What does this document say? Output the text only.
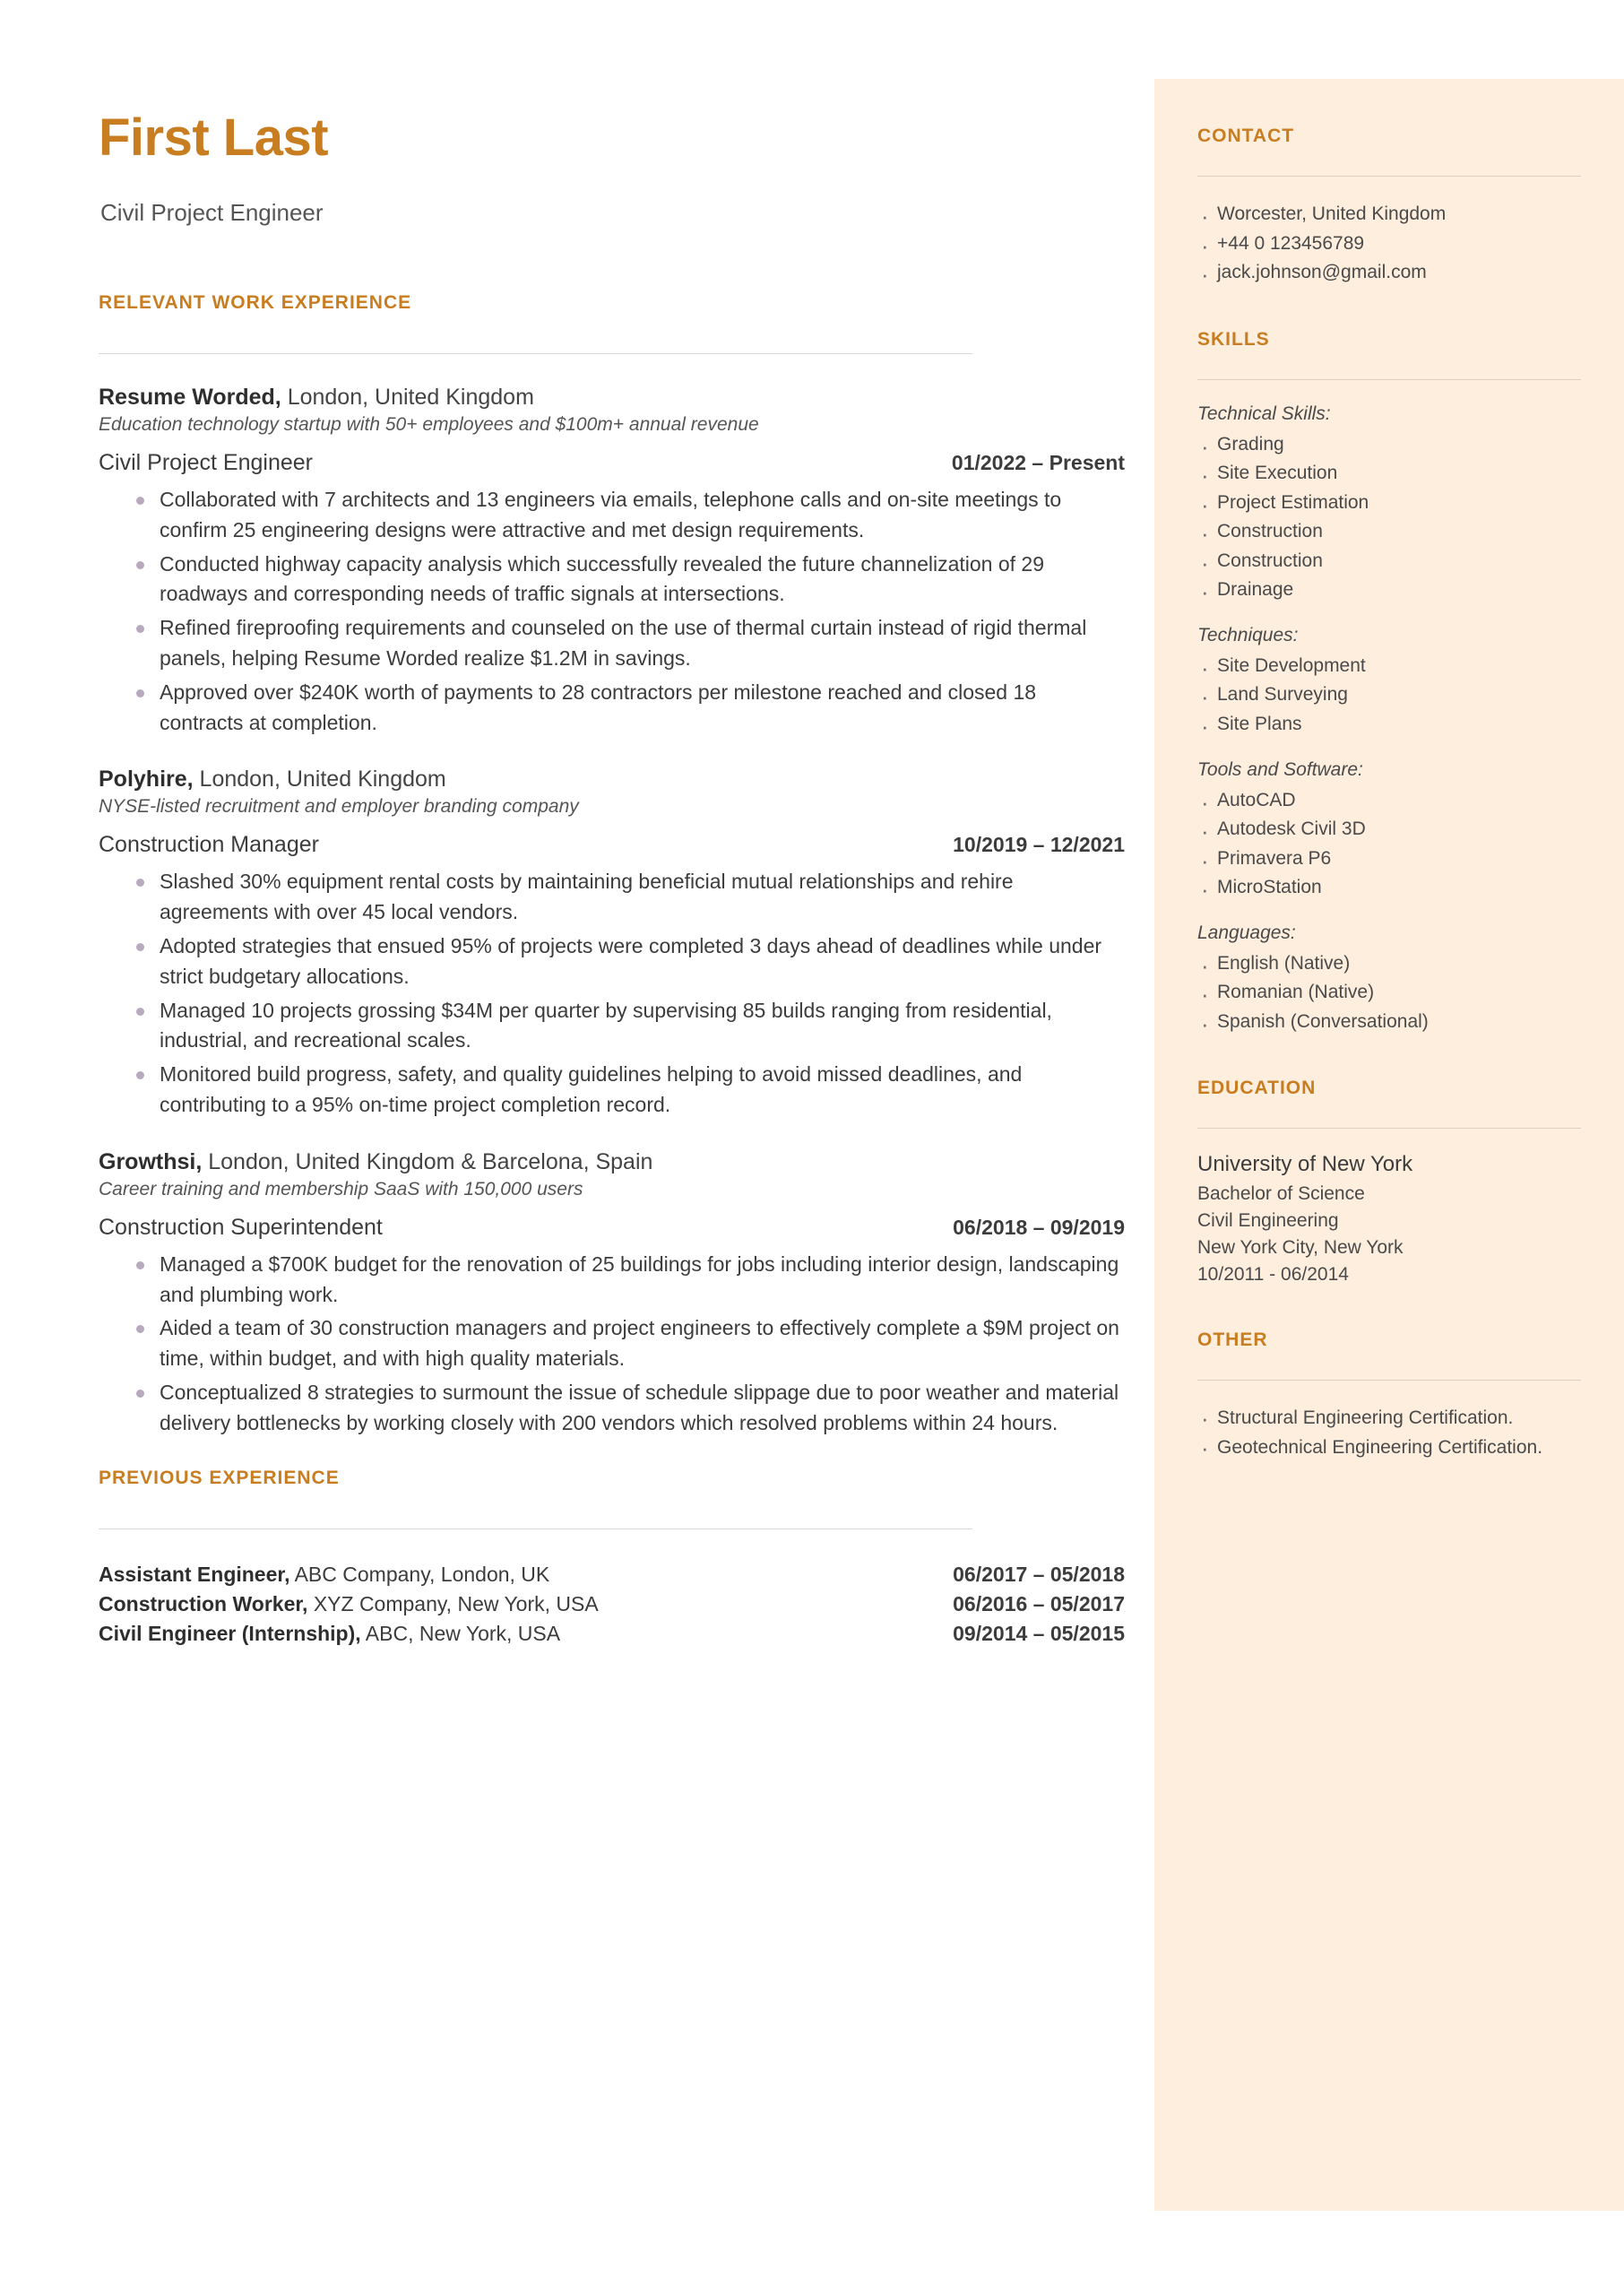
CONTACT
· Worcester, United Kingdom
· +44 0 123456789
· jack.johnson@gmail.com
SKILLS
Technical Skills:
· Grading
· Site Execution
· Project Estimation
· Construction
· Construction
· Drainage
Techniques:
· Site Development
· Land Surveying
· Site Plans
Tools and Software:
· AutoCAD
· Autodesk Civil 3D
· Primavera P6
· MicroStation
Languages:
· English (Native)
· Romanian (Native)
· Spanish (Conversational)
EDUCATION
University of New York
Bachelor of Science
Civil Engineering
New York City, New York
10/2011 - 06/2014
OTHER
· Structural Engineering Certification.
· Geotechnical Engineering Certification.
First Last
Civil Project Engineer
RELEVANT WORK EXPERIENCE
Resume Worded, London, United Kingdom
Education technology startup with 50+ employees and $100m+ annual revenue
Civil Project Engineer	01/2022 – Present
Collaborated with 7 architects and 13 engineers via emails, telephone calls and on-site meetings to confirm 25 engineering designs were attractive and met design requirements.
Conducted highway capacity analysis which successfully revealed the future channelization of 29 roadways and corresponding needs of traffic signals at intersections.
Refined fireproofing requirements and counseled on the use of thermal curtain instead of rigid thermal panels, helping Resume Worded realize $1.2M in savings.
Approved over $240K worth of payments to 28 contractors per milestone reached and closed 18 contracts at completion.
Polyhire, London, United Kingdom
NYSE-listed recruitment and employer branding company
Construction Manager	10/2019 – 12/2021
Slashed 30% equipment rental costs by maintaining beneficial mutual relationships and rehire agreements with over 45 local vendors.
Adopted strategies that ensued 95% of projects were completed 3 days ahead of deadlines while under strict budgetary allocations.
Managed 10 projects grossing $34M per quarter by supervising 85 builds ranging from residential, industrial, and recreational scales.
Monitored build progress, safety, and quality guidelines helping to avoid missed deadlines, and contributing to a 95% on-time project completion record.
Growthsi, London, United Kingdom & Barcelona, Spain
Career training and membership SaaS with 150,000 users
Construction Superintendent	06/2018 – 09/2019
Managed a $700K budget for the renovation of 25 buildings for jobs including interior design, landscaping and plumbing work.
Aided a team of 30 construction managers and project engineers to effectively complete a $9M project on time, within budget, and with high quality materials.
Conceptualized 8 strategies to surmount the issue of schedule slippage due to poor weather and material delivery bottlenecks by working closely with 200 vendors which resolved problems within 24 hours.
PREVIOUS EXPERIENCE
Assistant Engineer, ABC Company, London, UK	06/2017 – 05/2018
Construction Worker, XYZ Company, New York, USA	06/2016 – 05/2017
Civil Engineer (Internship), ABC, New York, USA	09/2014 – 05/2015
